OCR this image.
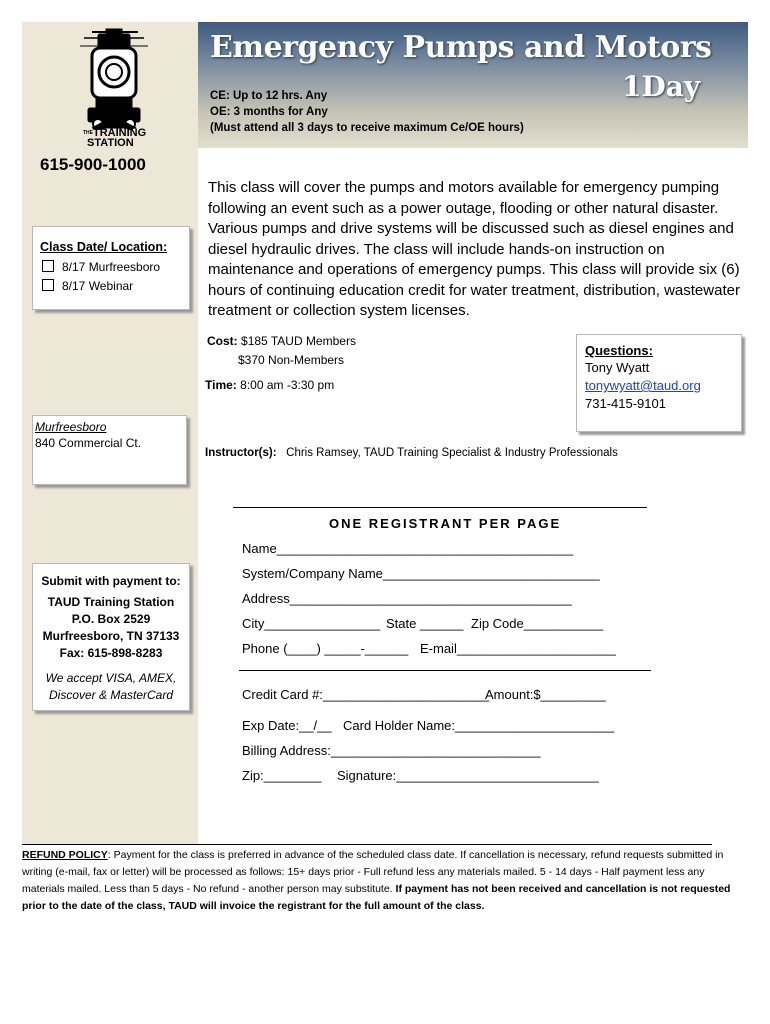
$^{THE}$TRAINING
STATION
Emergency Pumps and Motors
1Day
CE: Up to 12 hrs. Any
OE: 3 months for Any
(Must attend all 3 days to receive maximum Ce/OE hours)
615-900-1000
This class will cover the pumps and motors available for emergency pumping following an event such as a power outage, flooding or other natural disaster. Various pumps and drive systems will be discussed such as diesel engines and diesel hydraulic drives. The class will include hands-on instruction on maintenance and operations of emergency pumps. This class will provide six (6) hours of continuing education credit for water treatment, distribution, wastewater treatment or collection system licenses.
Class Date/ Location:
8/17 Murfreesboro
8/17 Webinar
Murfreesboro
840 Commercial Ct.
Submit with payment to:
TAUD Training Station
P.O. Box 2529
Murfreesboro, TN 37133
Fax: 615-898-8283
We accept VISA, AMEX, Discover & MasterCard
Cost: $185 TAUD Members
$370 Non-Members
Time: 8:00 am -3:30 pm
Questions:
Tony Wyatt
tonywyatt@taud.org
731-415-9101
Instructor(s): Chris Ramsey, TAUD Training Specialist & Industry Professionals
ONE REGISTRANT PER PAGE
Name_________________________________________
System/Company Name______________________________
Address_______________________________________
City________________ State ______ Zip Code___________
Phone (____) _____-______ E-mail______________________
Credit Card #:_______________________
Amount:$_________
Exp Date:__/__ Card Holder Name:______________________
Billing Address:_____________________________
Zip:________ Signature:____________________________
REFUND POLICY: Payment for the class is preferred in advance of the scheduled class date. If cancellation is necessary, refund requests submitted in writing (e-mail, fax or letter) will be processed as follows: 15+ days prior - Full refund less any materials mailed. 5 - 14 days - Half payment less any materials mailed. Less than 5 days - No refund - another person may substitute. If payment has not been received and cancellation is not requested prior to the date of the class, TAUD will invoice the registrant for the full amount of the class.
